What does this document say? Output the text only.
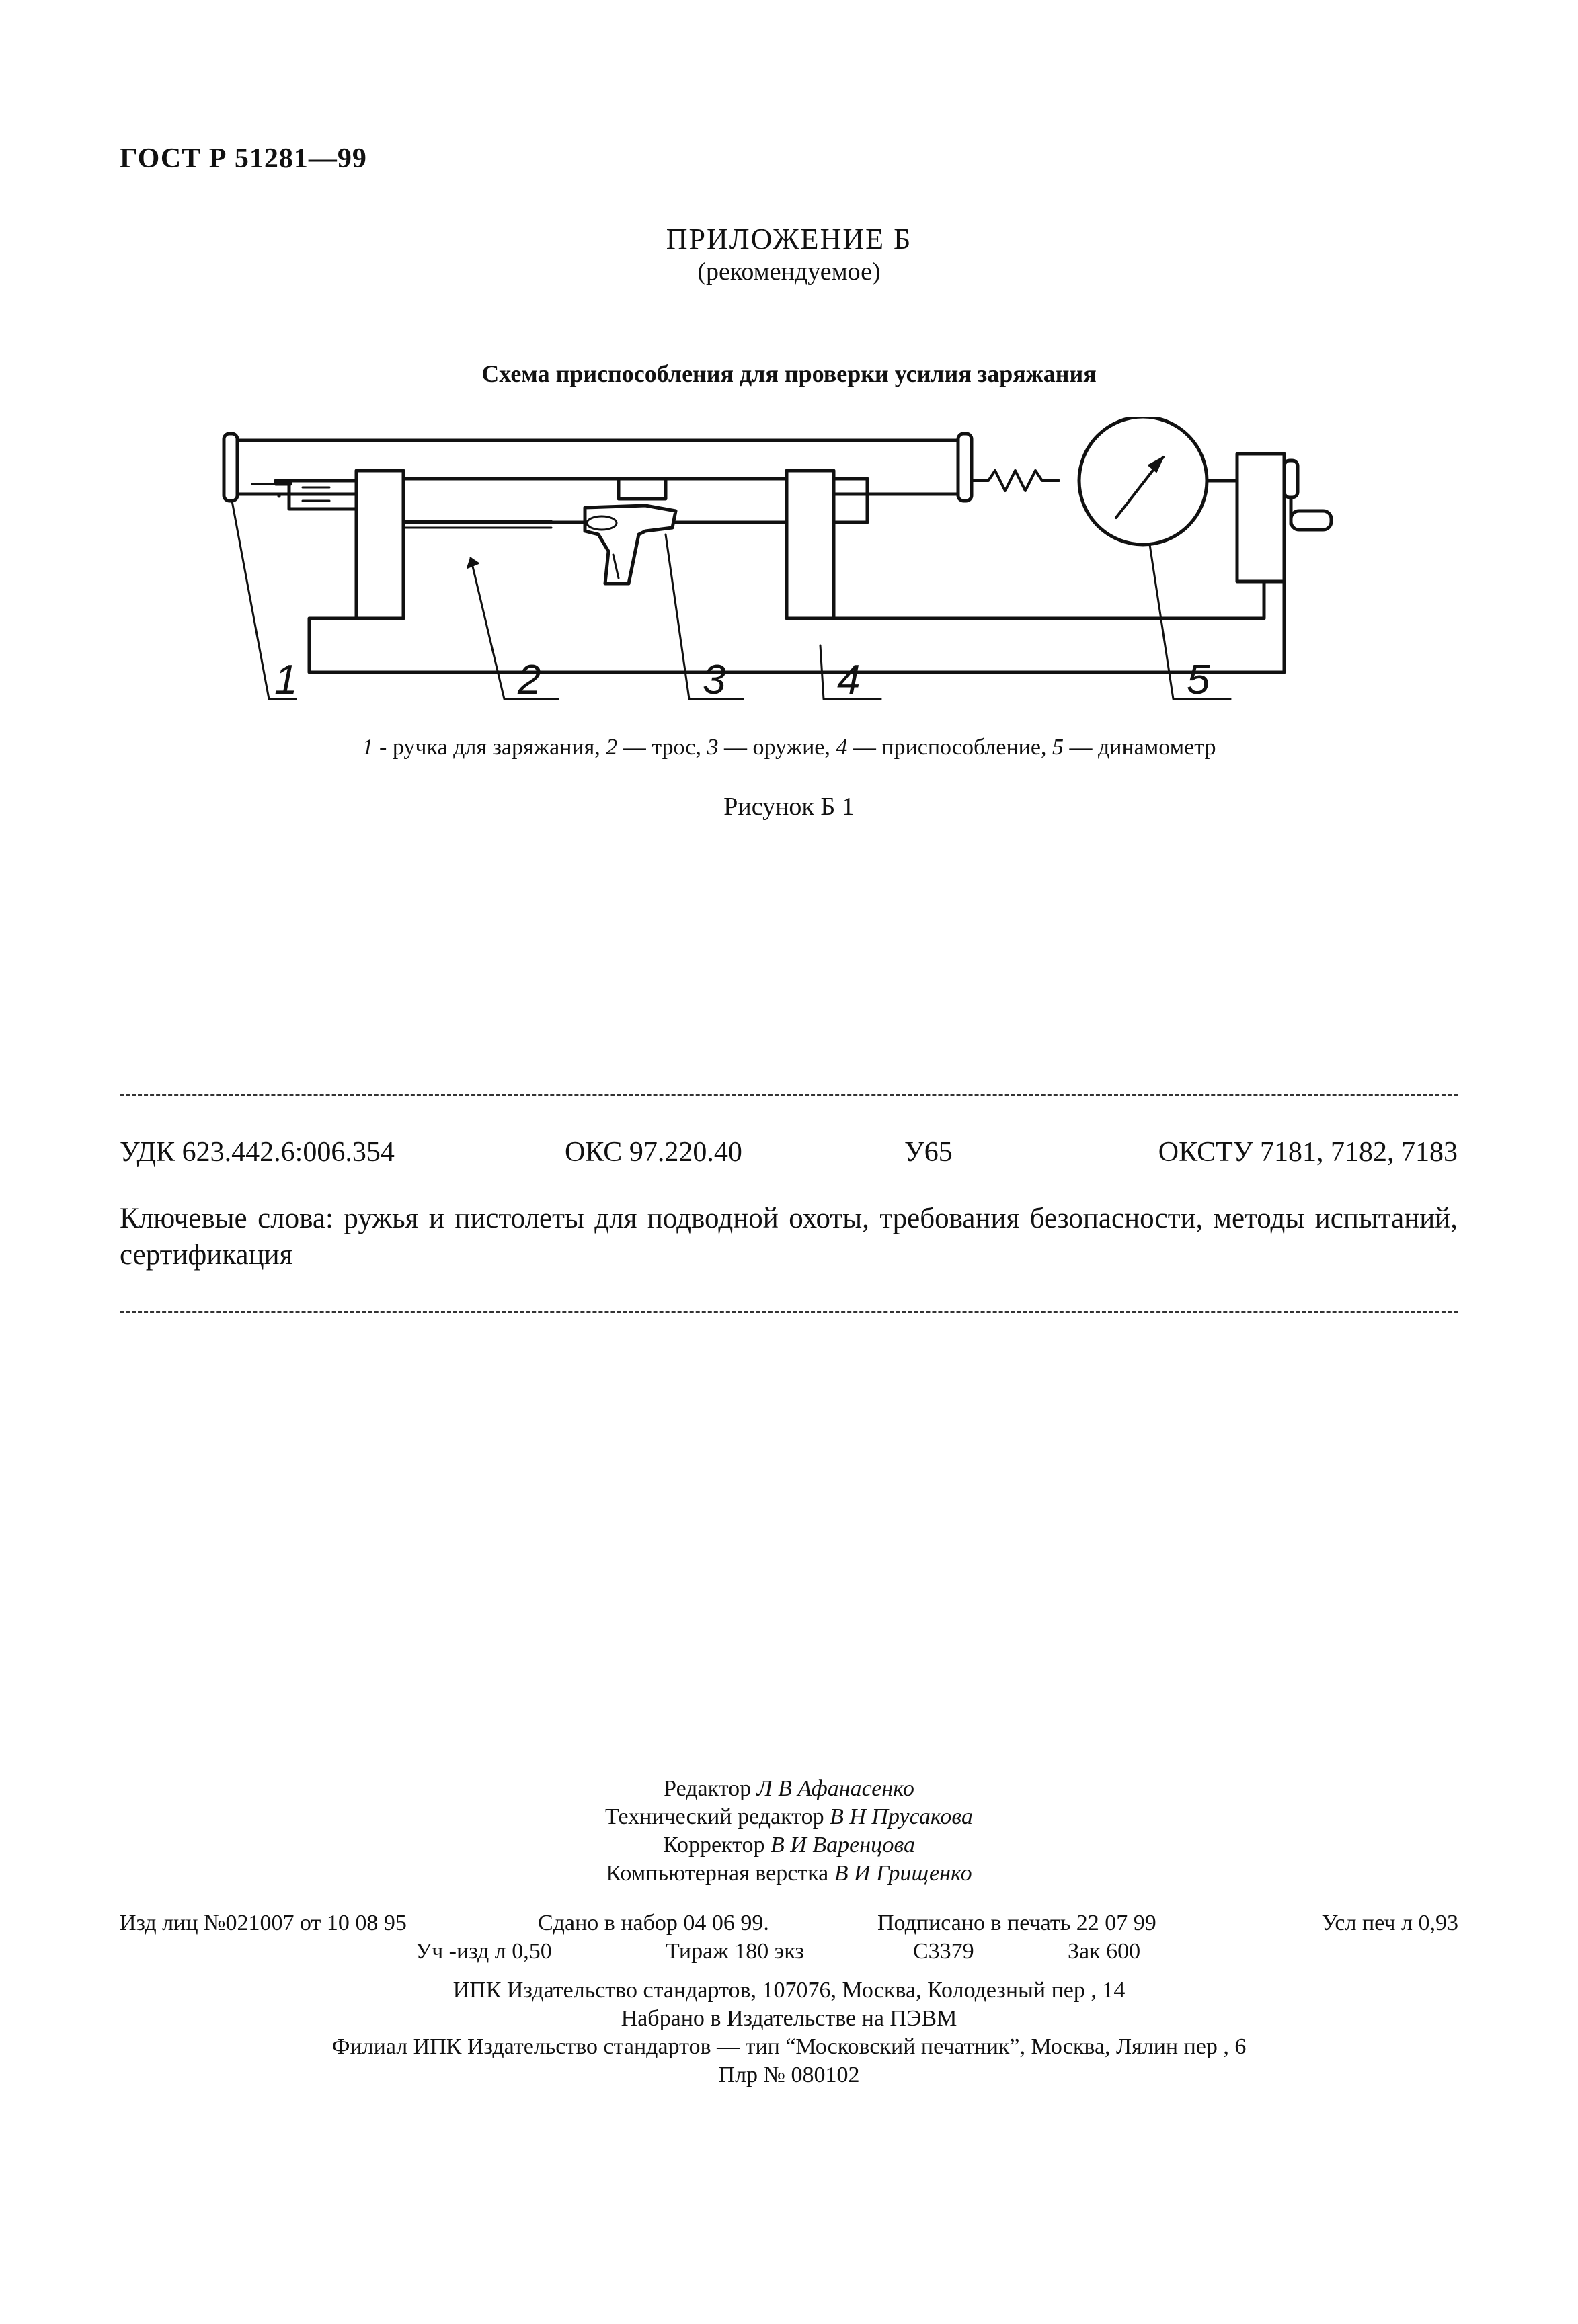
ГОСТ Р 51281—99
ПРИЛОЖЕНИЕ Б
(рекомендуемое)
Схема приспособления для проверки усилия заряжания
1	2	3	4	5
1 - ручка для заряжания, 2 — трос, 3 — оружие, 4 — приспособление, 5 — динамометр
Рисунок Б 1
УДК 623.442.6:006.354	ОКС 97.220.40	У65	ОКСТУ 7181, 7182, 7183
Ключевые слова: ружья и пистолеты для подводной охоты, требования безопасности, методы испытаний, сертификация
Редактор Л В Афанасенко
Технический редактор В Н Прусакова
Корректор В И Варенцова
Компьютерная верстка В И Грищенко
Изд лиц №021007 от 10 08 95	Сдано в набор 04 06 99.	Подписано в печать 22 07 99	Усл печ л 0,93
Уч -изд л 0,50	Тираж 180 экз	С3379	Зак 600
ИПК Издательство стандартов, 107076, Москва, Колодезный пер , 14
Набрано в Издательстве на ПЭВМ
Филиал ИПК Издательство стандартов — тип “Московский печатник”, Москва, Лялин пер , 6
Плр № 080102
